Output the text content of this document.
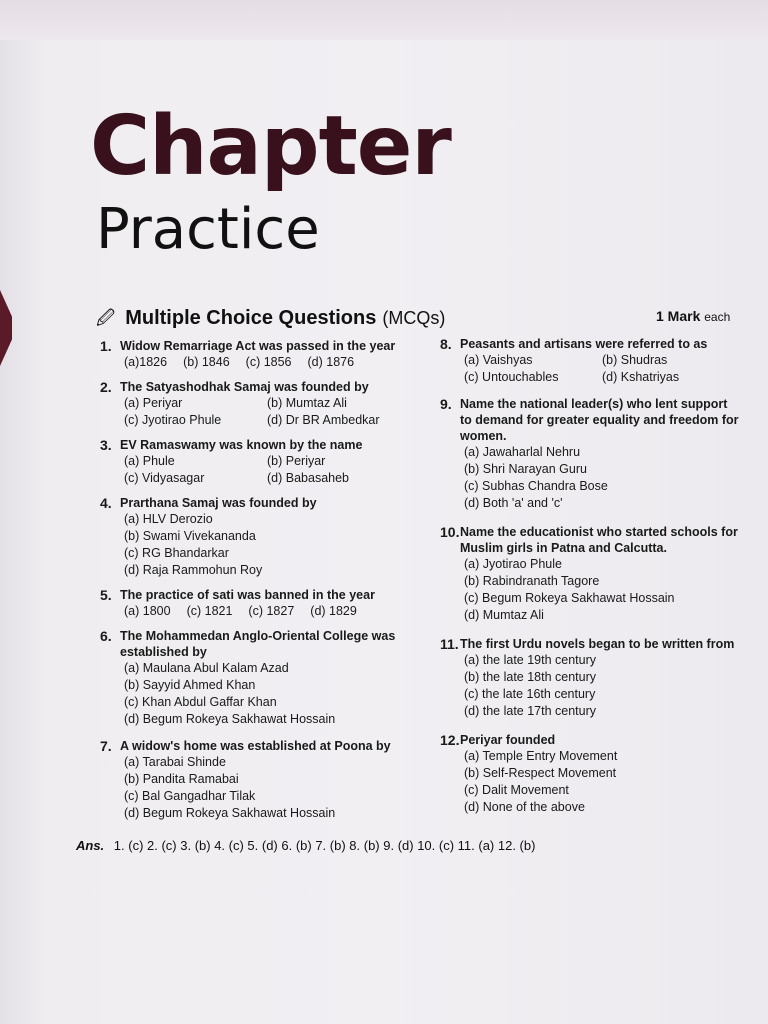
Chapter
Practice
🖉 Multiple Choice Questions (MCQs)	1 Mark each
1. Widow Remarriage Act was passed in the year
(a)1826 (b) 1846 (c) 1856 (d) 1876
2. The Satyashodhak Samaj was founded by
(a) Periyar	(b) Mumtaz Ali
(c) Jyotirao Phule	(d) Dr BR Ambedkar
3. EV Ramaswamy was known by the name
(a) Phule	(b) Periyar
(c) Vidyasagar	(d) Babasaheb
4. Prarthana Samaj was founded by
(a) HLV Derozio
(b) Swami Vivekananda
(c) RG Bhandarkar
(d) Raja Rammohun Roy
5. The practice of sati was banned in the year
(a) 1800 (c) 1821 (c) 1827 (d) 1829
6. The Mohammedan Anglo-Oriental College was established by
(a) Maulana Abul Kalam Azad
(b) Sayyid Ahmed Khan
(c) Khan Abdul Gaffar Khan
(d) Begum Rokeya Sakhawat Hossain
7. A widow's home was established at Poona by
(a) Tarabai Shinde
(b) Pandita Ramabai
(c) Bal Gangadhar Tilak
(d) Begum Rokeya Sakhawat Hossain
8. Peasants and artisans were referred to as
(a) Vaishyas	(b) Shudras
(c) Untouchables	(d) Kshatriyas
9. Name the national leader(s) who lent support to demand for greater equality and freedom for women.
(a) Jawaharlal Nehru
(b) Shri Narayan Guru
(c) Subhas Chandra Bose
(d) Both 'a' and 'c'
10. Name the educationist who started schools for Muslim girls in Patna and Calcutta.
(a) Jyotirao Phule
(b) Rabindranath Tagore
(c) Begum Rokeya Sakhawat Hossain
(d) Mumtaz Ali
11. The first Urdu novels began to be written from
(a) the late 19th century
(b) the late 18th century
(c) the late 16th century
(d) the late 17th century
12. Periyar founded
(a) Temple Entry Movement
(b) Self-Respect Movement
(c) Dalit Movement
(d) None of the above
Ans. 1. (c) 2. (c) 3. (b) 4. (c) 5. (d) 6. (b) 7. (b) 8. (b) 9. (d) 10. (c) 11. (a) 12. (b)
